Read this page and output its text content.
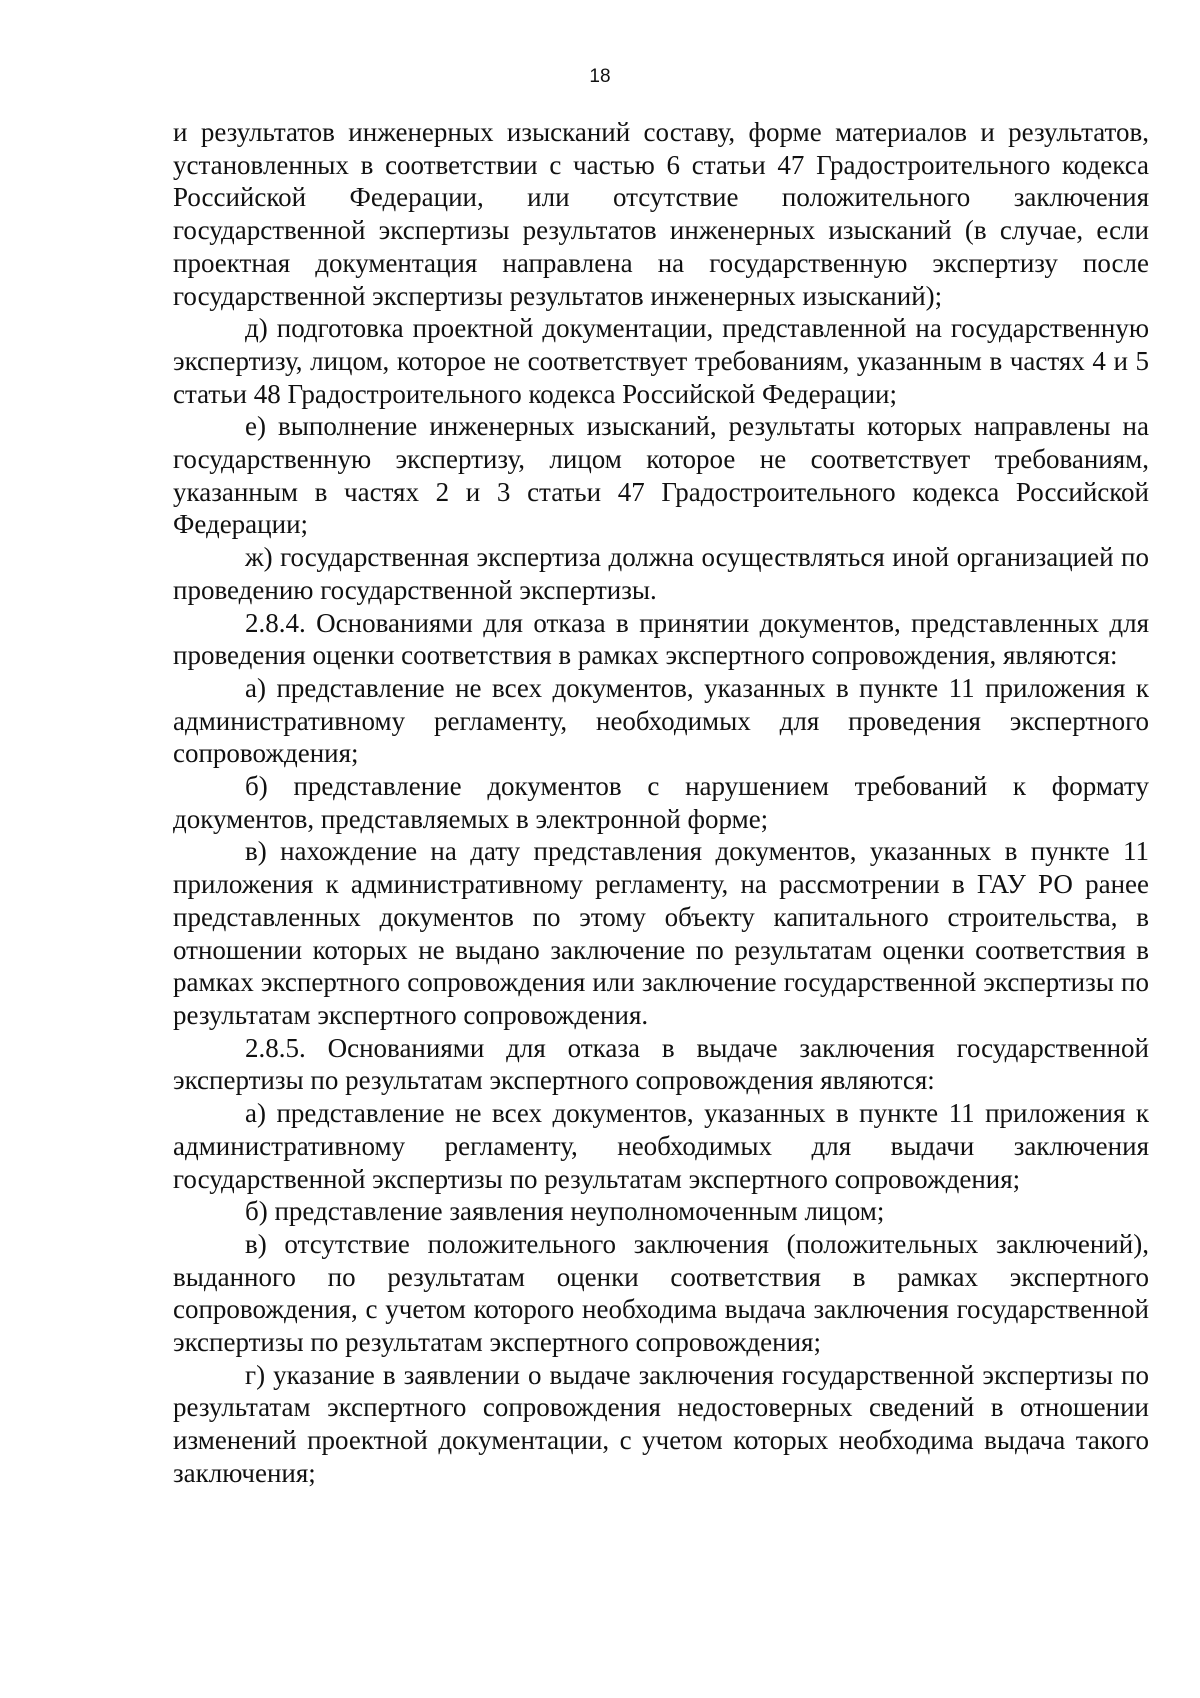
18

и результатов инженерных изысканий составу, форме материалов и результатов, установленных в соответствии с частью 6 статьи 47 Градостроительного кодекса Российской Федерации, или отсутствие положительного заключения государственной экспертизы результатов инженерных изысканий (в случае, если проектная документация направлена на государственную экспертизу после государственной экспертизы результатов инженерных изысканий);

д) подготовка проектной документации, представленной на государственную экспертизу, лицом, которое не соответствует требованиям, указанным в частях 4 и 5 статьи 48 Градостроительного кодекса Российской Федерации;

е) выполнение инженерных изысканий, результаты которых направлены на государственную экспертизу, лицом которое не соответствует требованиям, указанным в частях 2 и 3 статьи 47 Градостроительного кодекса Российской Федерации;

ж) государственная экспертиза должна осуществляться иной организацией по проведению государственной экспертизы.

2.8.4. Основаниями для отказа в принятии документов, представленных для проведения оценки соответствия в рамках экспертного сопровождения, являются:

а) представление не всех документов, указанных в пункте 11 приложения к административному регламенту, необходимых для проведения экспертного сопровождения;

б) представление документов с нарушением требований к формату документов, представляемых в электронной форме;

в) нахождение на дату представления документов, указанных в пункте 11 приложения к административному регламенту, на рассмотрении в ГАУ РО ранее представленных документов по этому объекту капитального строительства, в отношении которых не выдано заключение по результатам оценки соответствия в рамках экспертного сопровождения или заключение государственной экспертизы по результатам экспертного сопровождения.

2.8.5. Основаниями для отказа в выдаче заключения государственной экспертизы по результатам экспертного сопровождения являются:

а) представление не всех документов, указанных в пункте 11 приложения к административному регламенту, необходимых для выдачи заключения государственной экспертизы по результатам экспертного сопровождения;

б) представление заявления неуполномоченным лицом;

в) отсутствие положительного заключения (положительных заключений), выданного по результатам оценки соответствия в рамках экспертного сопровождения, с учетом которого необходима выдача заключения государственной экспертизы по результатам экспертного сопровождения;

г) указание в заявлении о выдаче заключения государственной экспертизы по результатам экспертного сопровождения недостоверных сведений в отношении изменений проектной документации, с учетом которых необходима выдача такого заключения;
